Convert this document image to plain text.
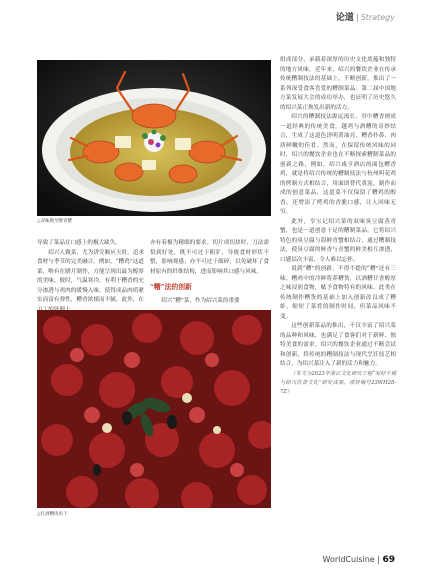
论道 | Strategy
△双味腐至醉青蟹

导致了菜品在口感上的极大缺失。

绍兴人做菜，尤为讲究顺应天时，追求食材与季节的完美融合。例如，“糟鸡”这道菜，唯有在腊月制作，方能呈现出最为醇厚的美味。彼时，气温寒冷，有利于糟香的充分渗透与鸡肉的缓慢入味，使得成品肉质紧实而富有弹性，糟香浓郁而不腻。此外，在

亦有着极为精细的要求。切片成切块时，刀法需恰到好处，既不可过于粗犷，导致食材形状不整，影响观感；亦不可过于细碎，以免破坏了食材原有的纤维结构，进而影响其口感与风味。

“糟”法的创新

绍兴“糟”菜，作为绍兴菜的重要

△红酒糟肉鱼干

组成部分，承载着深厚的历史文化底蕴和独特的地方风味。近年来，绍兴的餐饮企业在传承传统糟制技法的基础上，不断创新，推出了一系列深受食客喜爱的糟制菜品。第二届中国地方菜发展大会的成功举办，也证明了历史悠久的绍兴菜正焕发出新的活力。

绍兴的糟制技法源远流长，其中糟香则成一道经典的传统美食。越鸡与酒糟的奇妙结合，生成了这道色泽明黄油亮、糟香扑鼻、肉质鲜嫩的佳肴。然而，在保留传统风味的同时，绍兴的餐饮企业也在不断探索糟制菜品的创新之路，例如，绍兴咸亨酒店的面包糟香鸡，就是将绍兴传统的糟制技法与杭州叫花鸡的烤制方式相结合，用面团替代黄泥，制作而成的创意菜品，这道菜不仅保留了糟鸡的醇香，还增添了烤鸡的香脆口感，让人回味无穷。

此外，享宝记绍兴菜的双味臭豆腐蒸青蟹，也是一道创意十足的糟制菜品，它将绍兴特色的臭豆腐与海鲜青蟹相结合，通过糟制技法，使臭豆腐的鲜香与青蟹的鲜美相互渗透，口感层次丰富，令人难以忘怀。

说到“糟”的创新，不得不提的“糟”还有三味。糟鸡中的冷鲜将养糟货，以酒糟甘香醇厚之味浸润食物，赋予食物特有的风味。此类在传统制作糟货的基础上加入创新改良成了糟虾，缩短了菜肴的制作时间，但菜品风味不变。

这些创新菜品的推出，不仅丰富了绍兴菜的品种和风味，也满足了食客们对于新鲜、独特美食的需求。绍兴的餐饮企业通过不断尝试和创新，将传统的糟制技法与现代烹饪技艺相结合，为绍兴菜注入了新的活力和魅力。

（本文为2023年浙江文化研究工程“写好千城与绍兴饮食文化”研究成果，项目编号23WH28-7Z）

WorldCuisine | 69
